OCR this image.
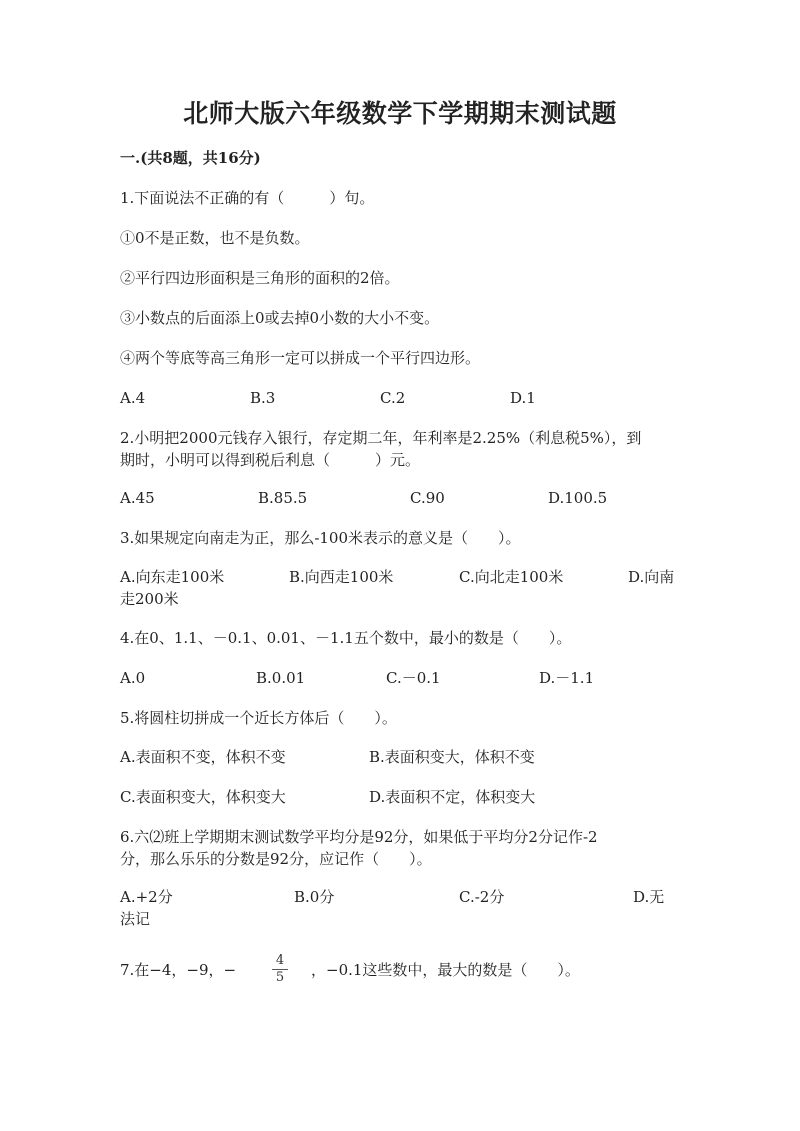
北师大版六年级数学下学期期末测试题
一.(共8题，共16分)
1.下面说法不正确的有（　　　）句。
①0不是正数，也不是负数。
②平行四边形面积是三角形的面积的2倍。
③小数点的后面添上0或去掉0小数的大小不变。
④两个等底等高三角形一定可以拼成一个平行四边形。
A.4	B.3	C.2	D.1
2.小明把2000元钱存入银行，存定期二年，年利率是2.25%（利息税5%），到
期时，小明可以得到税后利息（　　　）元。
A.45	B.85.5	C.90	D.100.5
3.如果规定向南走为正，那么-100米表示的意义是（　　）。
A.向东走100米	B.向西走100米	C.向北走100米	D.向南
走200米
4.在0、1.1、－0.1、0.01、－1.1五个数中，最小的数是（　　）。
A.0	B.0.01	C.－0.1	D.－1.1
5.将圆柱切拼成一个近长方体后（　　）。
A.表面积不变，体积不变	B.表面积变大，体积不变
C.表面积变大，体积变大	D.表面积不定，体积变大
6.六⑵班上学期期末测试数学平均分是92分，如果低于平均分2分记作-2
分，那么乐乐的分数是92分，应记作（　　）。
A.+2分	B.0分	C.-2分	D.无
法记
7.在−4，−9，−	$\frac{4}{5}$ ，−0.1这些数中，最大的数是（　　）。
